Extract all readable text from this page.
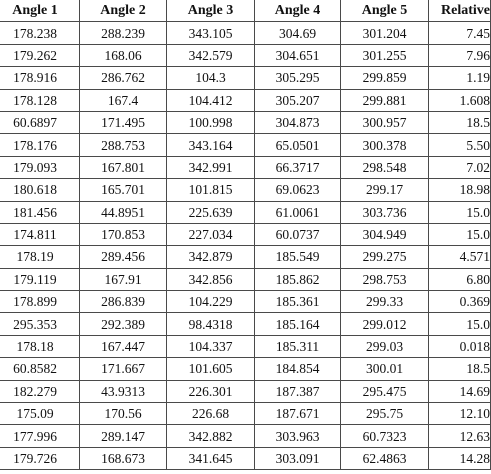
Angle 1	Angle 2	Angle 3	Angle 4	Angle 5	Relative
178.238	288.239	343.105	304.69	301.204	7.45
179.262	168.06	342.579	304.651	301.255	7.96
178.916	286.762	104.3	305.295	299.859	1.19
178.128	167.4	104.412	305.207	299.881	1.608
60.6897	171.495	100.998	304.873	300.957	18.5
178.176	288.753	343.164	65.0501	300.378	5.50
179.093	167.801	342.991	66.3717	298.548	7.02
180.618	165.701	101.815	69.0623	299.17	18.98
181.456	44.8951	225.639	61.0061	303.736	15.0
174.811	170.853	227.034	60.0737	304.949	15.0
178.19	289.456	342.879	185.549	299.275	4.571
179.119	167.91	342.856	185.862	298.753	6.80
178.899	286.839	104.229	185.361	299.33	0.369
295.353	292.389	98.4318	185.164	299.012	15.0
178.18	167.447	104.337	185.311	299.03	0.018
60.8582	171.667	101.605	184.854	300.01	18.5
182.279	43.9313	226.301	187.387	295.475	14.69
175.09	170.56	226.68	187.671	295.75	12.10
177.996	289.147	342.882	303.963	60.7323	12.63
179.726	168.673	341.645	303.091	62.4863	14.28
